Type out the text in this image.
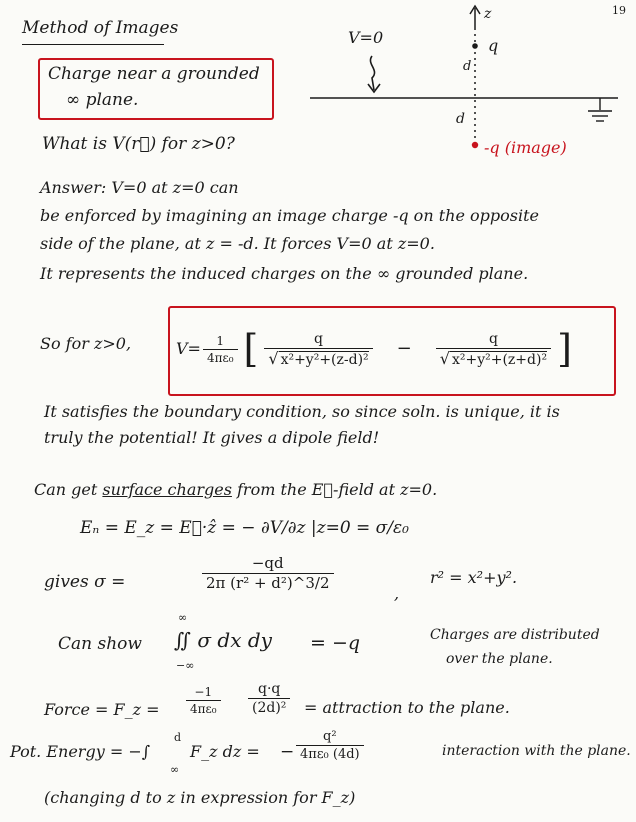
19
Method of Images
Charge near a grounded
∞ plane.
What is V(r⃗) for z>0?
V=0
z
q
d
d
-q (image)
Answer: V=0 at z=0 can
be enforced by imagining an image charge -q on the opposite
side of the plane, at z = -d. It forces V=0 at z=0.
It represents the induced charges on the ∞ grounded plane.
So for z>0,	$V= \frac{1}{\text{4πε₀}}$ [ $\frac{q}{\text{√ x²+y²+(z-d)²}} - \frac{q}{\text{√ x²+y²+(z+d)²}}$ ]
It satisfies the boundary condition, so since soln. is unique, it is
truly the potential! It gives a dipole field!
Can get surface charges from the E⃗-field at z=0.
Eₙ = E_z = E⃗·ẑ = − ∂V/∂z |z=0 = σ/ε₀
gives σ =	$\frac{-qd}{\text{2π (r² + d²)\textasciicircum{}3/2}}$
,
r² = x²+y².
Can show
∞
∬ σ dx dy
−∞
= −q	Charges are distributed
over the plane.
Force = F_z = $\frac{-1}{\text{4πε₀}} \frac{q\cdot q}{\text{(2d)²}}$ = attraction to the plane.
Pot. Energy = −∫
d
∞
F_z dz = − $\frac{\text{q²}}{\text{4πε₀ (4d)}}$	interaction with the plane.
(changing d to z in expression for F_z)
